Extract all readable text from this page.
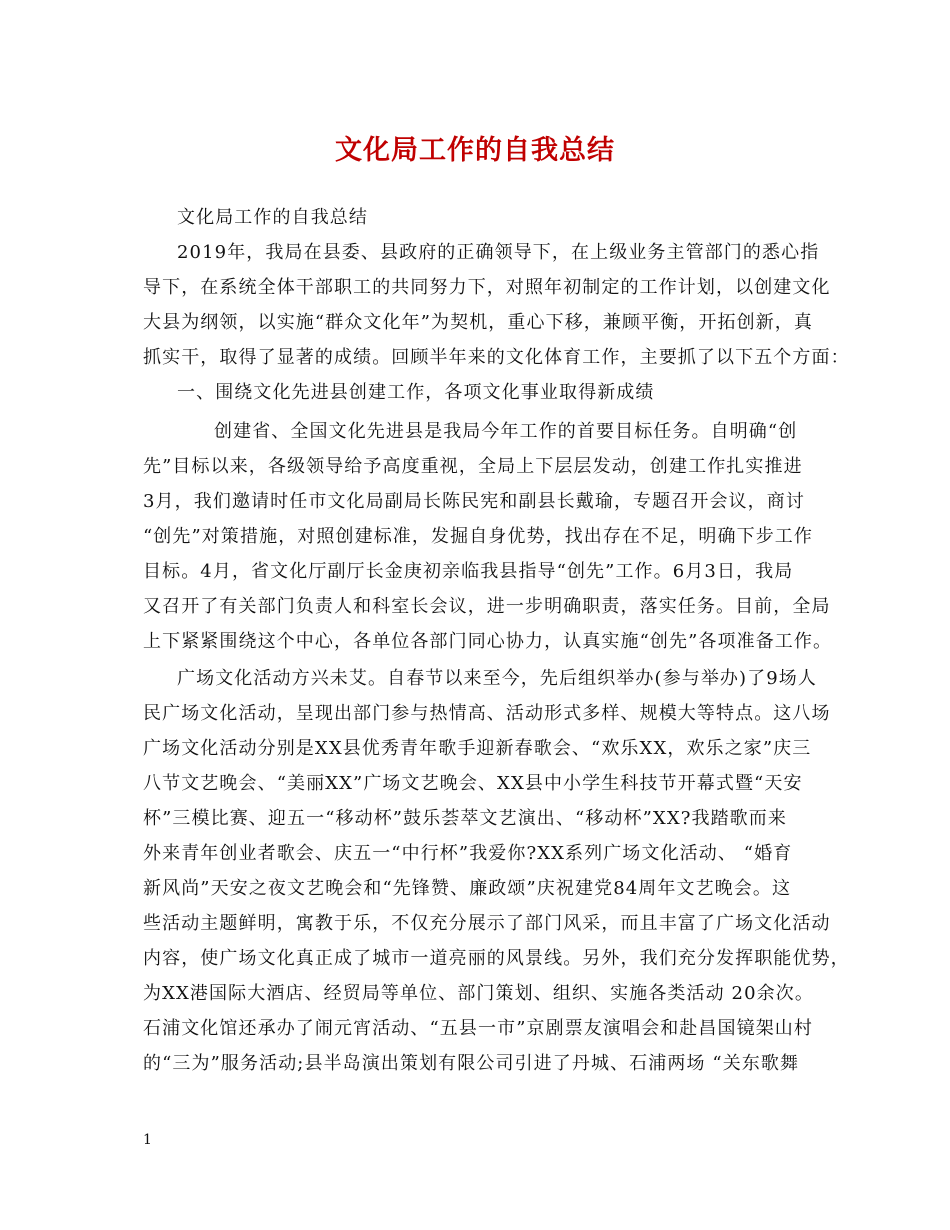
文化局工作的自我总结
文化局工作的自我总结
2019年，我局在县委、县政府的正确领导下，在上级业务主管部门的悉心指
导下，在系统全体干部职工的共同努力下，对照年初制定的工作计划，以创建文化
大县为纲领，以实施“群众文化年”为契机，重心下移，兼顾平衡，开拓创新，真
抓实干，取得了显著的成绩。回顾半年来的文化体育工作，主要抓了以下五个方面：
一、围绕文化先进县创建工作，各项文化事业取得新成绩
创建省、全国文化先进县是我局今年工作的首要目标任务。自明确“创
先”目标以来，各级领导给予高度重视，全局上下层层发动，创建工作扎实推进
3月，我们邀请时任市文化局副局长陈民宪和副县长戴瑜，专题召开会议，商讨
“创先”对策措施，对照创建标准，发掘自身优势，找出存在不足，明确下步工作
目标。4月，省文化厅副厅长金庚初亲临我县指导“创先”工作。6月3日，我局
又召开了有关部门负责人和科室长会议，进一步明确职责，落实任务。目前，全局
上下紧紧围绕这个中心，各单位各部门同心协力，认真实施“创先”各项准备工作。
广场文化活动方兴未艾。自春节以来至今，先后组织举办(参与举办)了9场人
民广场文化活动，呈现出部门参与热情高、活动形式多样、规模大等特点。这八场
广场文化活动分别是XX县优秀青年歌手迎新春歌会、“欢乐XX，欢乐之家”庆三
八节文艺晚会、“美丽XX”广场文艺晚会、XX县中小学生科技节开幕式暨“天安
杯”三模比赛、迎五一“移动杯”鼓乐荟萃文艺演出、“移动杯”XX?我踏歌而来
外来青年创业者歌会、庆五一“中行杯”我爱你?XX系列广场文化活动、 “婚育
新风尚”天安之夜文艺晚会和“先锋赞、廉政颂”庆祝建党84周年文艺晚会。这
些活动主题鲜明，寓教于乐，不仅充分展示了部门风采，而且丰富了广场文化活动
内容，使广场文化真正成了城市一道亮丽的风景线。另外，我们充分发挥职能优势，
为XX港国际大酒店、经贸局等单位、部门策划、组织、实施各类活动 20余次。
石浦文化馆还承办了闹元宵活动、“五县一市”京剧票友演唱会和赴昌国镜架山村
的“三为”服务活动;县半岛演出策划有限公司引进了丹城、石浦两场 “关东歌舞
1
